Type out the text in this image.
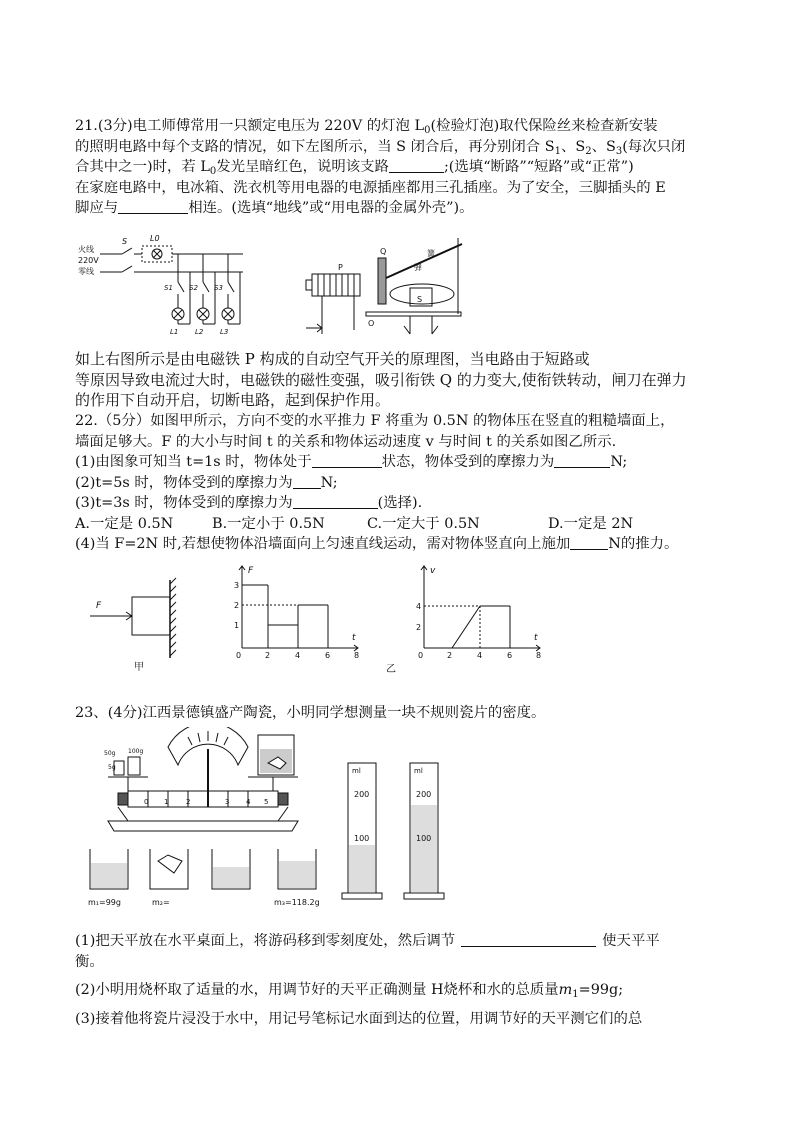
21.(3分)电工师傅常用一只额定电压为 220V 的灯泡 $L_0$(检验灯泡)取代保险丝来检查新安装
的照明电路中每个支路的情况，如下左图所示，当 S 闭合后，再分别闭合 $S_1$、$S_2$、$S_3$(每次只闭
合其中之一)时，若 $L_0$发光呈暗红色，说明该支路	;(选填“断路”“短路”或“正常”)
在家庭电路中，电冰箱、洗衣机等用电器的电源插座都用三孔插座。为了安全，三脚插头的 E
脚应与	相连。(选填“地线”或“用电器的金属外壳”)。
火线
220V
零线
S	L0
S1 S2 S3
L1 L2 L3
P
Q
弹
簧
S
O
如上右图所示是由电磁铁 P 构成的自动空气开关的原理图，当电路由于短路或
等原因导致电流过大时，电磁铁的磁性变强，吸引衔铁 Q 的力变大,使衔铁转动，闸刀在弹力
的作用下自动开启，切断电路，起到保护作用。
22.（5分）如图甲所示，方向不变的水平推力 F 将重为 0.5N 的物体压在竖直的粗糙墙面上，
墙面足够大。F 的大小与时间 t 的关系和物体运动速度 v 与时间 t 的关系如图乙所示.
(1)由图象可知当 t=1s 时，物体处于	状态，物体受到的摩擦力为	N;
(2)t=5s 时，物体受到的摩擦力为 N;
(3)t=3s 时，物体受到的摩擦力为	(选择).
A.一定是 0.5N	B.一定小于 0.5N	C.一定大于 0.5N	D.一定是 2N
(4)当 F=2N 时,若想使物体沿墙面向上匀速直线运动，需对物体竖直向上施加	N的推力。
F
甲	乙
F
t
3
2
1
0	2	4	6	8
v
t
4
2
0	2	4	6	8
23、(4分)江西景德镇盛产陶瓷，小明同学想测量一块不规则瓷片的密度。
0 1	2	3 4 5
50g 100g
5g
m₁=99g	m₂=	m₃=118.2g
ml
200
100
ml
200
100
(1)把天平放在水平桌面上，将游码移到零刻度处，然后调节	使天平平
衡。
(2)小明用烧杯取了适量的水，用调节好的天平正确测量 H烧杯和水的总质量$m_1=99g$;
(3)接着他将瓷片浸没于水中，用记号笔标记水面到达的位置，用调节好的天平测它们的总
